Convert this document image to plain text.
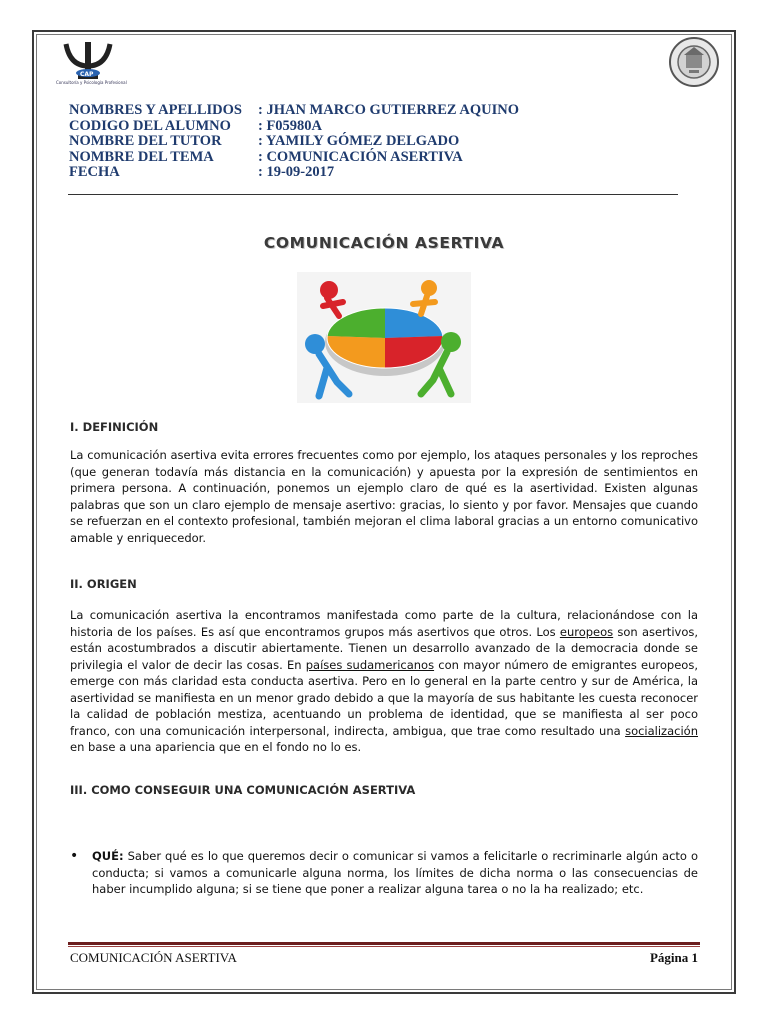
CAP
Consultoría y Psicología Profesional
NOMBRES Y APELLIDOS	: JHAN MARCO GUTIERREZ AQUINO
CODIGO DEL ALUMNO	: F05980A
NOMBRE DEL TUTOR	: YAMILY GÓMEZ DELGADO
NOMBRE DEL TEMA	: COMUNICACIÓN ASERTIVA
FECHA	: 19-09-2017
COMUNICACIÓN ASERTIVA
I. DEFINICIÓN
La comunicación asertiva evita errores frecuentes como por ejemplo, los ataques personales y los reproches (que generan todavía más distancia en la comunicación) y apuesta por la expresión de sentimientos en primera persona. A continuación, ponemos un ejemplo claro de qué es la asertividad. Existen algunas palabras que son un claro ejemplo de mensaje asertivo: gracias, lo siento y por favor. Mensajes que cuando se refuerzan en el contexto profesional, también mejoran el clima laboral gracias a un entorno comunicativo amable y enriquecedor.
II. ORIGEN
La comunicación asertiva la encontramos manifestada como parte de la cultura, relacionándose con la historia de los países. Es así que encontramos grupos más asertivos que otros. Los europeos son asertivos, están acostumbrados a discutir abiertamente. Tienen un desarrollo avanzado de la democracia donde se privilegia el valor de decir las cosas. En países sudamericanos con mayor número de emigrantes europeos, emerge con más claridad esta conducta asertiva. Pero en lo general en la parte centro y sur de América, la asertividad se manifiesta en un menor grado debido a que la mayoría de sus habitante les cuesta reconocer la calidad de población mestiza, acentuando un problema de identidad, que se manifiesta al ser poco franco, con una comunicación interpersonal, indirecta, ambigua, que trae como resultado una socialización en base a una apariencia que en el fondo no lo es.
III. COMO CONSEGUIR UNA COMUNICACIÓN ASERTIVA
•	QUÉ: Saber qué es lo que queremos decir o comunicar si vamos a felicitarle o recriminarle algún acto o conducta; si vamos a comunicarle alguna norma, los límites de dicha norma o las consecuencias de haber incumplido alguna; si se tiene que poner a realizar alguna tarea o no la ha realizado; etc.
COMUNICACIÓN ASERTIVA	Página 1
